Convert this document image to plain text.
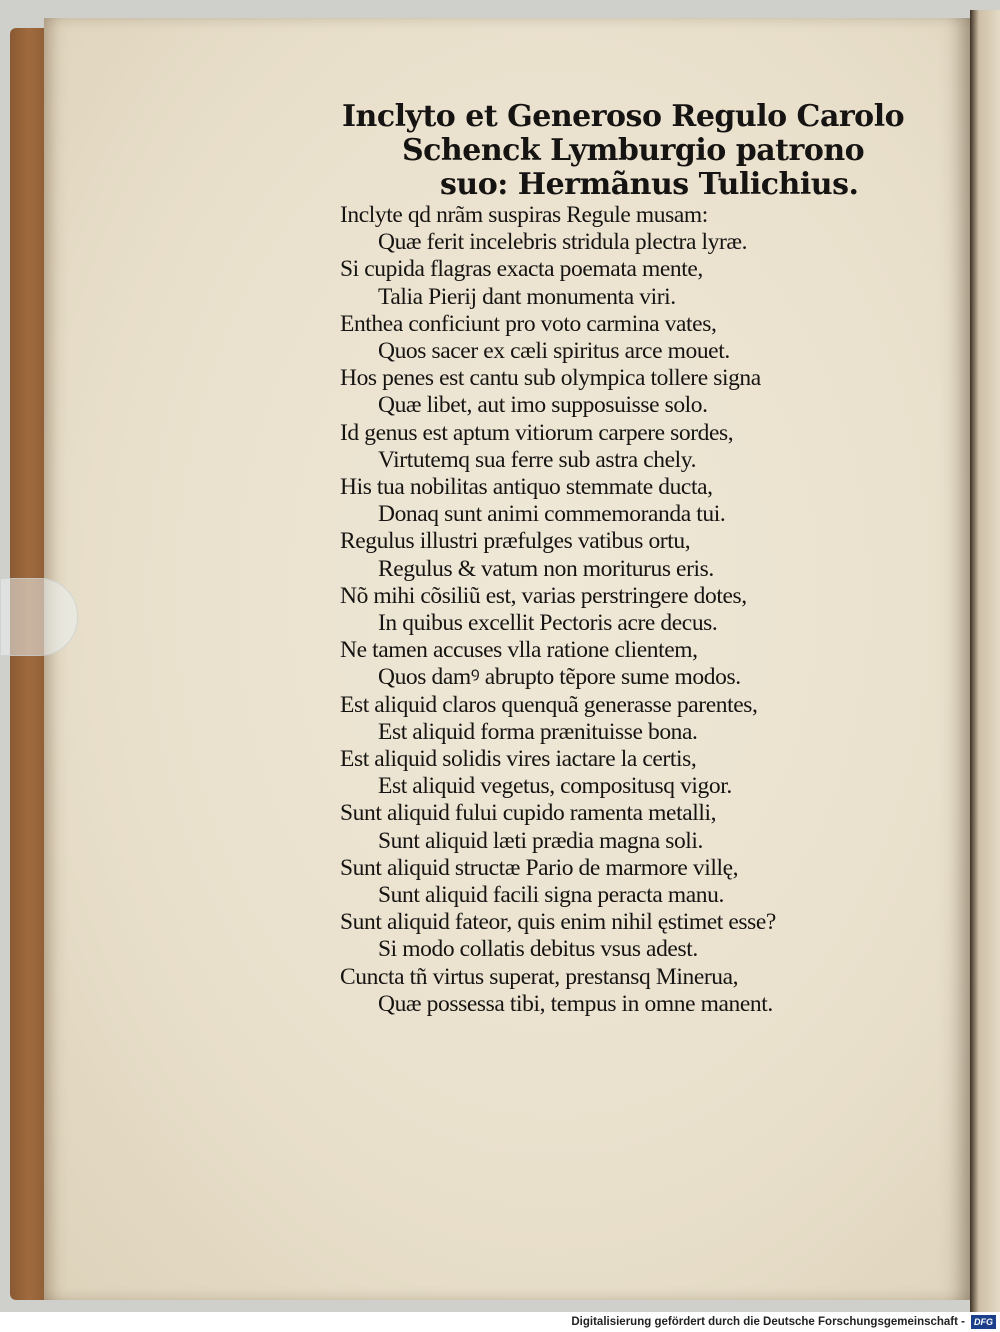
Inclyto et Generoso Regulo Carolo
Schenck Lymburgio patrono
suo: Hermãnus Tulichius.
Inclyte qd nrãm suspiras Regule musam:
Quæ ferit incelebris stridula plectra lyræ.
Si cupida flagras exacta poemata mente,
Talia Pierij dant monumenta viri.
Enthea conficiunt pro voto carmina vates,
Quos sacer ex cæli spiritus arce mouet.
Hos penes est cantu sub olympica tollere signa
Quæ libet, aut imo supposuisse solo.
Id genus est aptum vitiorum carpere sordes,
Virtutemq sua ferre sub astra chely.
His tua nobilitas antiquo stemmate ducta,
Donaq sunt animi commemoranda tui.
Regulus illustri præfulges vatibus ortu,
Regulus & vatum non moriturus eris.
Nõ mihi cõsiliũ est, varias perstringere dotes,
In quibus excellit Pectoris acre decus.
Ne tamen accuses vlla ratione clientem,
Quos damꝰ abrupto tẽpore sume modos.
Est aliquid claros quenquã generasse parentes,
Est aliquid forma prænituisse bona.
Est aliquid solidis vires iactare la certis,
Est aliquid vegetus, compositusq vigor.
Sunt aliquid fului cupido ramenta metalli,
Sunt aliquid læti prædia magna soli.
Sunt aliquid structæ Pario de marmore villę,
Sunt aliquid facili signa peracta manu.
Sunt aliquid fateor, quis enim nihil ęstimet esse?
Si modo collatis debitus vsus adest.
Cuncta tñ virtus superat, prestansq Minerua,
Quæ possessa tibi, tempus in omne manent.
Digitalisierung gefördert durch die Deutsche Forschungsgemeinschaft - DFG
